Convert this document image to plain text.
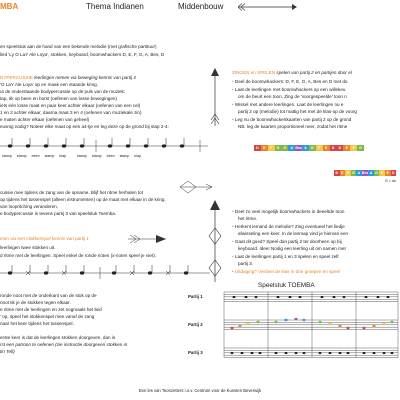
MBA	Thema Indianen	Middenbouw
en speelstuk aan de hand van een bekende melodie (met grafische partituur)
lied 'Ly O LaY Ale Loya', stokken, keyboard, boomwhackers D, E, F, G, A, Bes, D
DYPERCUSSIE leerlingen nemen via beweging kennis van partij 3
'O LaY Ale Loya' op en maak een staande kring.
ut de onderstaande bodypercussie op de puls van de muziek:
tap, tik op been en borst (oefenen van losse bewegingen)
iets één losse maat en paar keer achter elkaar (oefenen van een cel)
1 en 2 achter elkaar, daarna maat 3 en 4 (oefenen van muziekale zin)
e maten achter elkaar (oefenen van geheel)
eusnig nodig? Noteer elke maat op een a4-tje en leg deze op de grond bij stap 2-4:
stamp stamp been stamp klap	stamp stamp been stamp klap
cussie mee tijdens de zang van de opname. Blijf het ritme herhalen tot
op tijdens het tussenspel (alleen instrumenten) op de maat met elkaar in de kring.
van loopritching veranderen.
e bodypercussie is tevens partij 3 van speelstuk Toemba.
men via een stokkenspel kennis van partij 1
leerlingen twee stokken uit.
d ritme met de leerlingen. Speel enkel de ronde noten (x-noten speel je niet).
ronde noot met de onderkant van de stok op de
noot tik je de stokken tegen elkaar.
e ritme met de leerlingen en zet nogmaals het lied
' op, speel het stokkenspel mee vanaf de zang
naar het keer tijdens het tussenspel.
erste keer is dat de leerlingen stokken doorgeven, dan is
rst een patroon te oefenen (zie instructie doorgeven stokken in
tin Tell)
ZINGEN en SPELEN spelen van partij 2 en partijen door el
• Deel de boomwhackers: D, F, E, G, A, Bes en D met do
• Laat de leerlingen met boomwhackers op een willekeu
om de beurt een toon. Zing de 'voorgespeelde' toon n
• Wissel met andere leerlingen. Laat de leerlingen nu e
partij 2 op (melodie) tot mattig het met de klas-op de voorg
• Leg nu de boomwhackertkaarten van partij 2 op de grond
NB. leg de kaarten proportioneel neer, zodat het ritme
D	E	F	G	G	A Bes A	G	F	E	D	D	E	F	G
D E F G A Bes A G F E D
G = do
• Deel zo veel mogelijk boomwhackers in deeeltde toon
het ritme.
• Herkent iemand de melodie? Zing eventueel het liedje
afwisseling een keer. In de lesmap vind je hiervan een
• Gaat dit goed? Speel dan partij 2 ter doorheen op bij
keyboard. Idee! Nodig een leerling uit om samen met
• Laat de leerlingen partij 1 en 3 spelen en speel zelf
partij 3.
• Uitdaging? Verdeel de klas in drie groepen en speel
Speelstuk TOEMBA
Partij 1
Partij 2
Partij 3
Een les van Toonzetters i.o.v. Centrum voor de Kunsten Beverwijk
